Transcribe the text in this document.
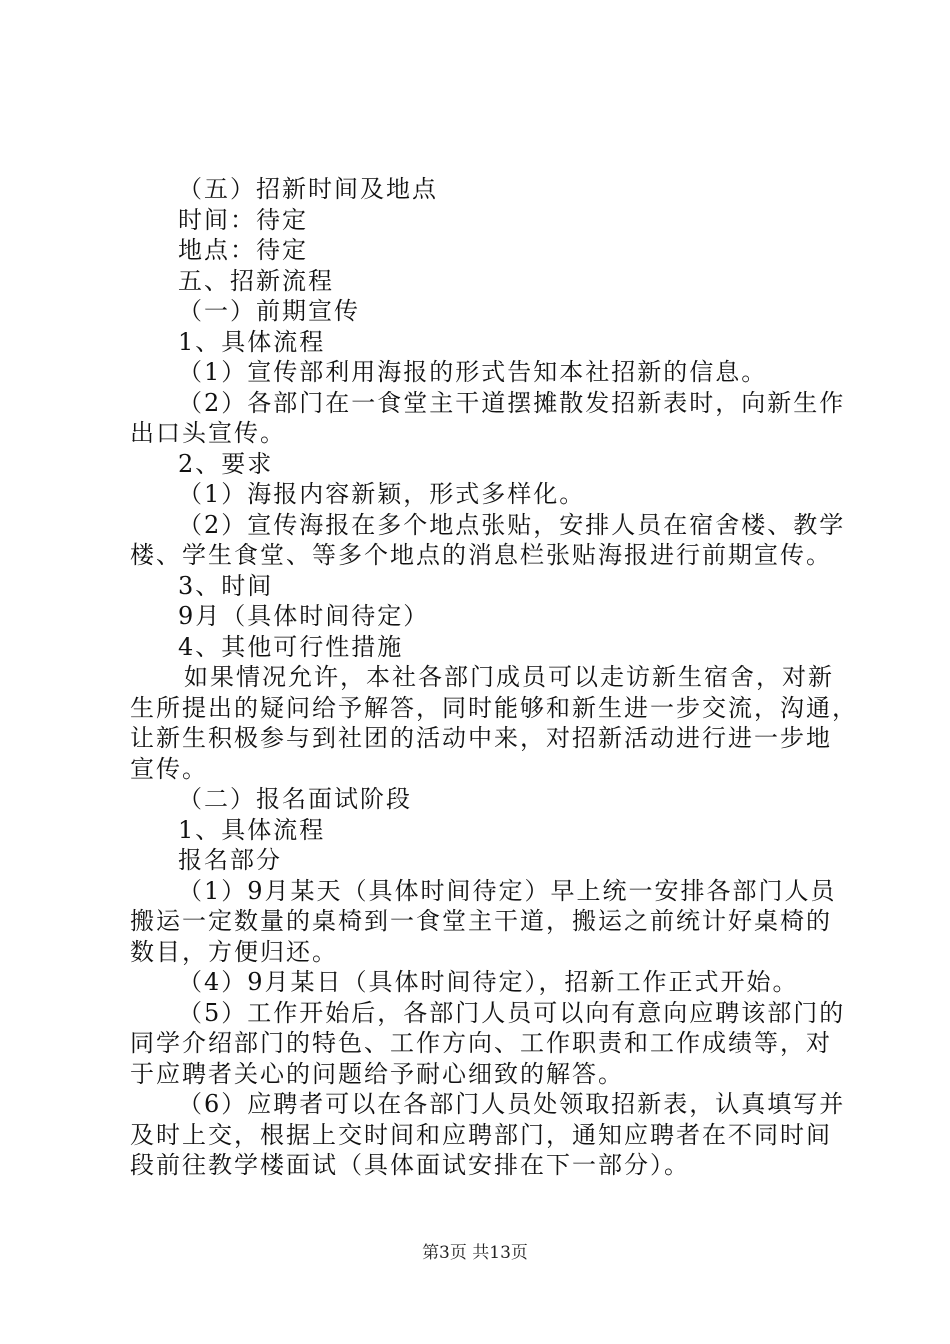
（五）招新时间及地点
时间：待定
地点：待定
五、招新流程
（一）前期宣传
1、具体流程
（1）宣传部利用海报的形式告知本社招新的信息。
（2）各部门在一食堂主干道摆摊散发招新表时，向新生作
出口头宣传。
2、要求
（1）海报内容新颖，形式多样化。
（2）宣传海报在多个地点张贴，安排人员在宿舍楼、教学
楼、学生食堂、等多个地点的消息栏张贴海报进行前期宣传。
3、时间
9月（具体时间待定）
4、其他可行性措施
如果情况允许，本社各部门成员可以走访新生宿舍，对新
生所提出的疑问给予解答，同时能够和新生进一步交流，沟通，
让新生积极参与到社团的活动中来，对招新活动进行进一步地
宣传。
（二）报名面试阶段
1、具体流程
报名部分
（1）9月某天（具体时间待定）早上统一安排各部门人员
搬运一定数量的桌椅到一食堂主干道，搬运之前统计好桌椅的
数目，方便归还。
（4）9月某日（具体时间待定），招新工作正式开始。
（5）工作开始后，各部门人员可以向有意向应聘该部门的
同学介绍部门的特色、工作方向、工作职责和工作成绩等，对
于应聘者关心的问题给予耐心细致的解答。
（6）应聘者可以在各部门人员处领取招新表，认真填写并
及时上交，根据上交时间和应聘部门，通知应聘者在不同时间
段前往教学楼面试（具体面试安排在下一部分）。
第3页 共13页
